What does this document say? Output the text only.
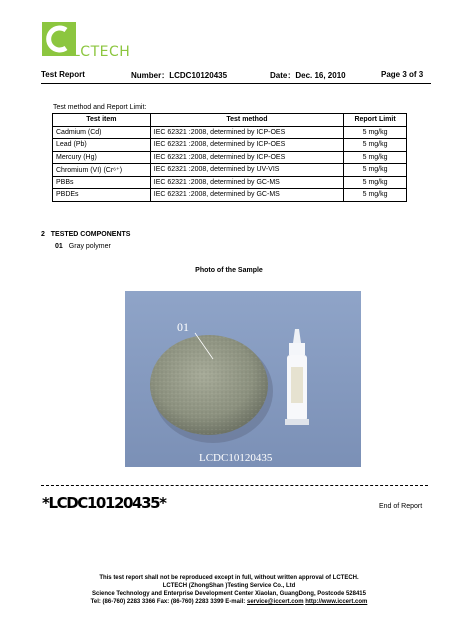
LCTECH
Test Report	Number：LCDC10120435	Date：Dec. 16, 2010	Page 3 of 3
Test method and Report Limit:
Test item	Test method	Report Limit
Cadmium (Cd)	IEC 62321 :2008, determined by ICP-OES	5 mg/kg
Lead (Pb)	IEC 62321 :2008, determined by ICP-OES	5 mg/kg
Mercury (Hg)	IEC 62321 :2008, determined by ICP-OES	5 mg/kg
Chromium (VI) (Cr⁶⁺)	IEC 62321 :2008, determined by UV-VIS	5 mg/kg
PBBs	IEC 62321 :2008, determined by GC-MS	5 mg/kg
PBDEs	IEC 62321 :2008, determined by GC-MS	5 mg/kg
2 TESTED COMPONENTS
01 Gray polymer
Photo of the Sample
01
LCDC10120435
*LCDC10120435*	End of Report
This test report shall not be reproduced except in full, without written approval of LCTECH.
LCTECH (ZhongShan )Testing Service Co., Ltd
Science Technology and Enterprise Development Center Xiaolan, GuangDong, Postcode 528415
Tel: (86-760) 2283 3366 Fax: (86-760) 2283 3399 E-mail: service@iccert.com http://www.iccert.com
